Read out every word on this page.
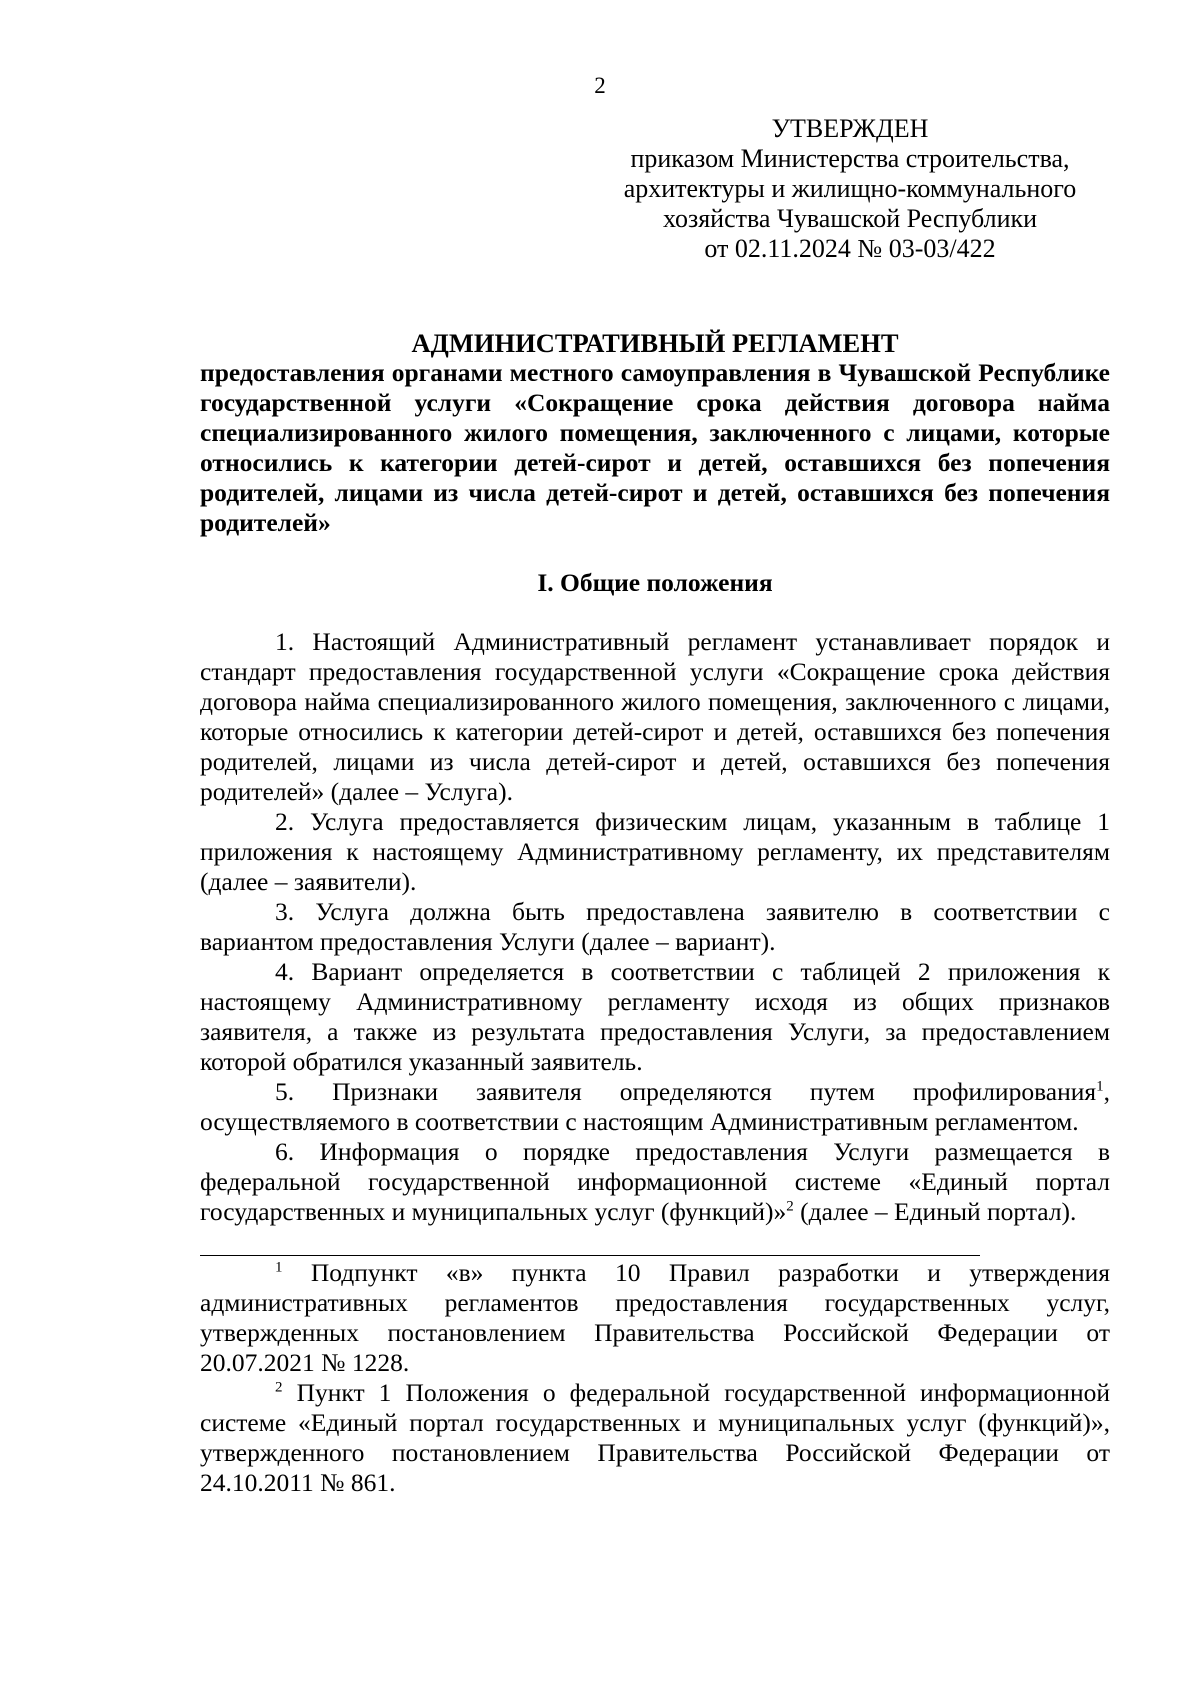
2
УТВЕРЖДЕН
приказом Министерства строительства,
архитектуры и жилищно-коммунального
хозяйства Чувашской Республики
от 02.11.2024 № 03-03/422
АДМИНИСТРАТИВНЫЙ РЕГЛАМЕНТ
предоставления органами местного самоуправления в Чувашской Республике государственной услуги «Сокращение срока действия договора найма специализированного жилого помещения, заключенного с лицами, которые относились к категории детей-сирот и детей, оставшихся без попечения родителей, лицами из числа детей-сирот и детей, оставшихся без попечения родителей»
I. Общие положения

1. Настоящий Административный регламент устанавливает порядок и стандарт предоставления государственной услуги «Сокращение срока действия договора найма специализированного жилого помещения, заключенного с лицами, которые относились к категории детей-сирот и детей, оставшихся без попечения родителей, лицами из числа детей-сирот и детей, оставшихся без попечения родителей» (далее – Услуга).

2. Услуга предоставляется физическим лицам, указанным в таблице 1 приложения к настоящему Административному регламенту, их представителям (далее – заявители).

3. Услуга должна быть предоставлена заявителю в соответствии с вариантом предоставления Услуги (далее – вариант).

4. Вариант определяется в соответствии с таблицей 2 приложения к настоящему Административному регламенту исходя из общих признаков заявителя, а также из результата предоставления Услуги, за предоставлением которой обратился указанный заявитель.

5. Признаки заявителя определяются путем профилирования$^1$, осуществляемого в соответствии с настоящим Административным регламентом.

6. Информация о порядке предоставления Услуги размещается в федеральной государственной информационной системе «Единый портал государственных и муниципальных услуг (функций)»$^2$ (далее – Единый портал).

$^1$ Подпункт «в» пункта 10 Правил разработки и утверждения административных регламентов предоставления государственных услуг, утвержденных постановлением Правительства Российской Федерации от 20.07.2021 № 1228.

$^2$ Пункт 1 Положения о федеральной государственной информационной системе «Единый портал государственных и муниципальных услуг (функций)», утвержденного постановлением Правительства Российской Федерации от 24.10.2011 № 861.
